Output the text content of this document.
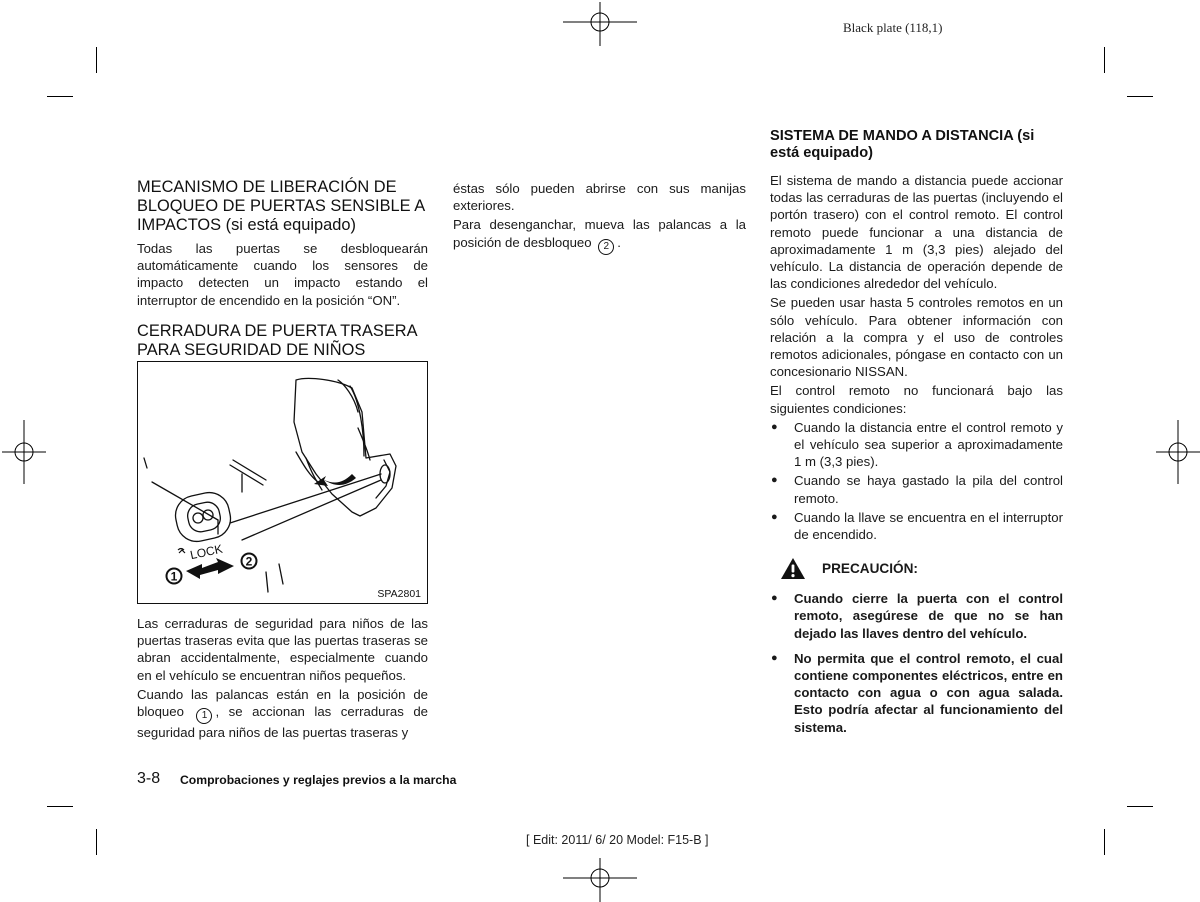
Black plate (118,1)
MECANISMO DE LIBERACIÓN DE BLOQUEO DE PUERTAS SENSIBLE A IMPACTOS (si está equipado)

Todas las puertas se desbloquearán automáticamente cuando los sensores de impacto detecten un impacto estando el interruptor de encendido en la posición “ON”.

CERRADURA DE PUERTA TRASERA PARA SEGURIDAD DE NIÑOS
LOCK
1
2
SPA2801

Las cerraduras de seguridad para niños de las puertas traseras evita que las puertas traseras se abran accidentalmente, especialmente cuando en el vehículo se encuentran niños pequeños.

Cuando las palancas están en la posición de bloqueo 1 , se accionan las cerraduras de seguridad para niños de las puertas traseras y

éstas sólo pueden abrirse con sus manijas exteriores.

Para desenganchar, mueva las palancas a la posición de desbloqueo 2 .

SISTEMA DE MANDO A DISTANCIA (si está equipado)

El sistema de mando a distancia puede accionar todas las cerraduras de las puertas (incluyendo el portón trasero) con el control remoto. El control remoto puede funcionar a una distancia de aproximadamente 1 m (3,3 pies) alejado del vehículo. La distancia de operación depende de las condiciones alrededor del vehículo.

Se pueden usar hasta 5 controles remotos en un sólo vehículo. Para obtener información con relación a la compra y el uso de controles remotos adicionales, póngase en contacto con un concesionario NISSAN.

El control remoto no funcionará bajo las siguientes condiciones:

● Cuando la distancia entre el control remoto y el vehículo sea superior a aproximadamente 1 m (3,3 pies).
● Cuando se haya gastado la pila del control remoto.
● Cuando la llave se encuentra en el interruptor de encendido.
PRECAUCIÓN:
● Cuando cierre la puerta con el control remoto, asegúrese de que no se han dejado las llaves dentro del vehículo.
● No permita que el control remoto, el cual contiene componentes eléctricos, entre en contacto con agua o con agua salada. Esto podría afectar al funcionamiento del sistema.
3-8 Comprobaciones y reglajes previos a la marcha
[ Edit: 2011/ 6/ 20 Model: F15-B ]
